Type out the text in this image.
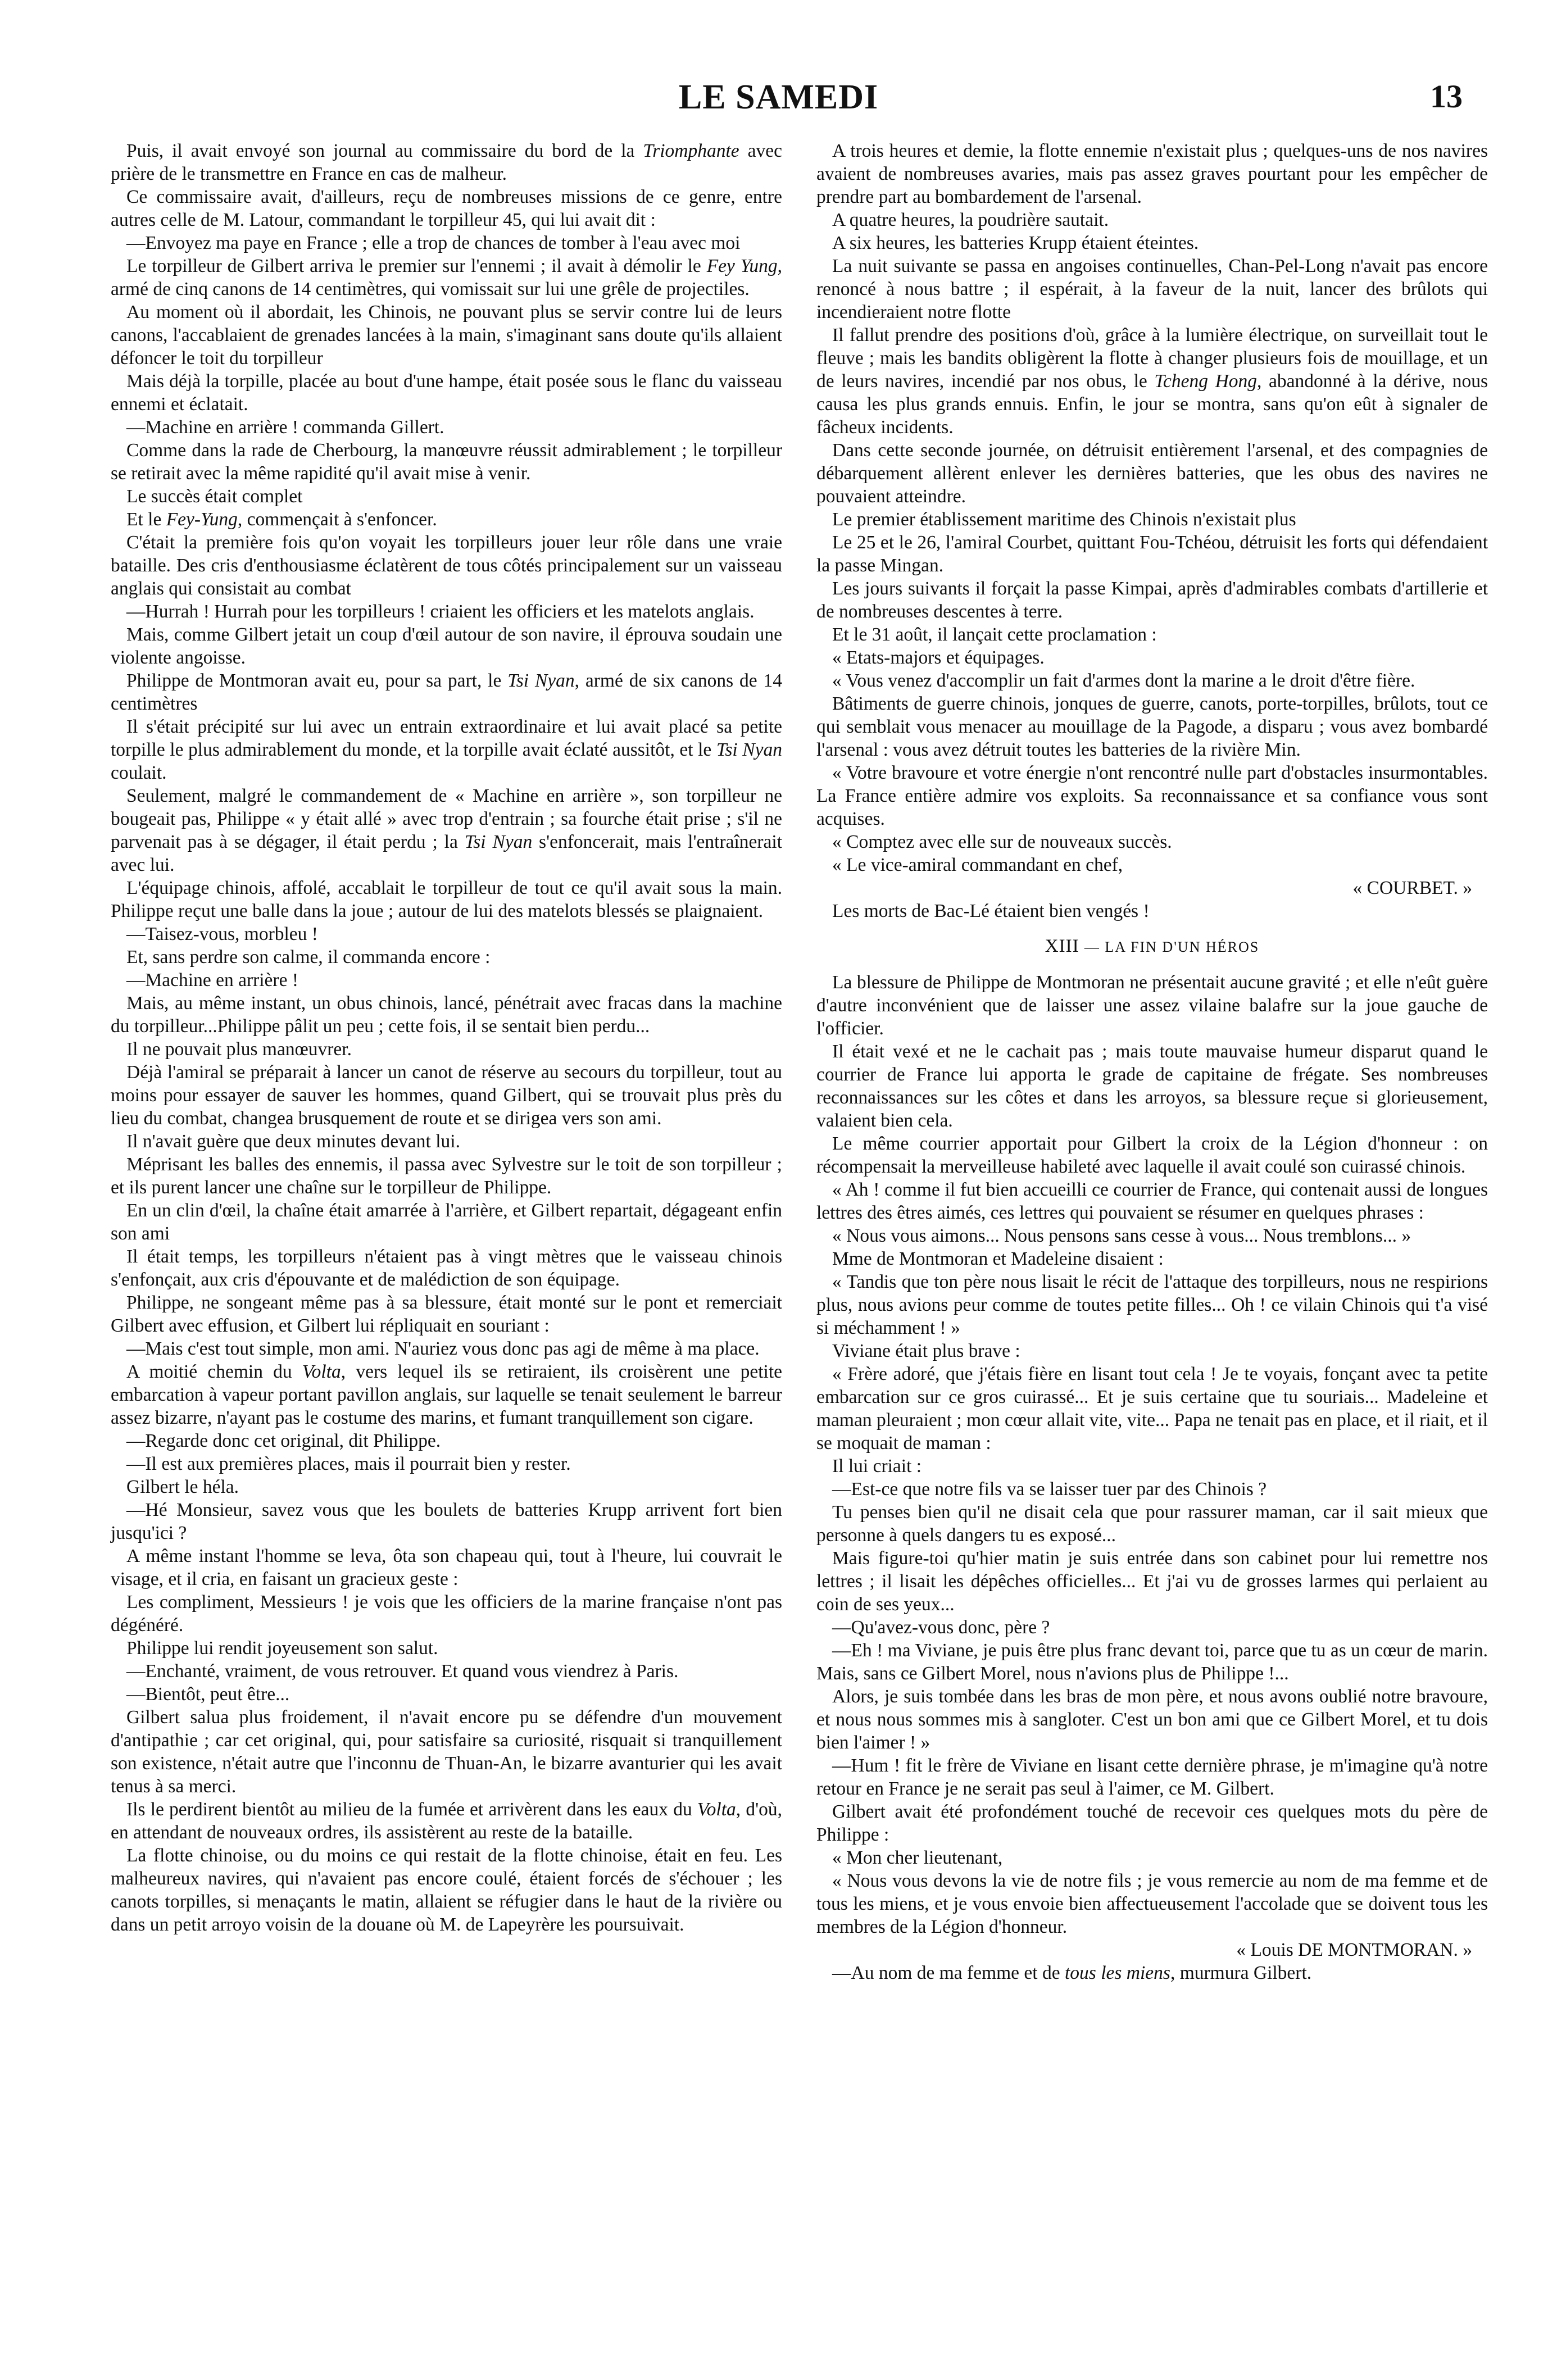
LE SAMEDI	13

Puis, il avait envoyé son journal au commissaire du bord de la Triomphante avec prière de le transmettre en France en cas de malheur.

Ce commissaire avait, d'ailleurs, reçu de nombreuses missions de ce genre, entre autres celle de M. Latour, commandant le torpilleur 45, qui lui avait dit :

—Envoyez ma paye en France ; elle a trop de chances de tomber à l'eau avec moi

Le torpilleur de Gilbert arriva le premier sur l'ennemi ; il avait à démolir le Fey Yung, armé de cinq canons de 14 centimètres, qui vomissait sur lui une grêle de projectiles.

Au moment où il abordait, les Chinois, ne pouvant plus se servir contre lui de leurs canons, l'accablaient de grenades lancées à la main, s'imaginant sans doute qu'ils allaient défoncer le toit du torpilleur

Mais déjà la torpille, placée au bout d'une hampe, était posée sous le flanc du vaisseau ennemi et éclatait.

—Machine en arrière ! commanda Gillert.

Comme dans la rade de Cherbourg, la manœuvre réussit admirablement ; le torpilleur se retirait avec la même rapidité qu'il avait mise à venir.

Le succès était complet

Et le Fey-Yung, commençait à s'enfoncer.

C'était la première fois qu'on voyait les torpilleurs jouer leur rôle dans une vraie bataille. Des cris d'enthousiasme éclatèrent de tous côtés principalement sur un vaisseau anglais qui consistait au combat

—Hurrah ! Hurrah pour les torpilleurs ! criaient les officiers et les matelots anglais.

Mais, comme Gilbert jetait un coup d'œil autour de son navire, il éprouva soudain une violente angoisse.

Philippe de Montmoran avait eu, pour sa part, le Tsi Nyan, armé de six canons de 14 centimètres

Il s'était précipité sur lui avec un entrain extraordinaire et lui avait placé sa petite torpille le plus admirablement du monde, et la torpille avait éclaté aussitôt, et le Tsi Nyan coulait.

Seulement, malgré le commandement de « Machine en arrière », son torpilleur ne bougeait pas, Philippe « y était allé » avec trop d'entrain ; sa fourche était prise ; s'il ne parvenait pas à se dégager, il était perdu ; la Tsi Nyan s'enfoncerait, mais l'entraînerait avec lui.

L'équipage chinois, affolé, accablait le torpilleur de tout ce qu'il avait sous la main. Philippe reçut une balle dans la joue ; autour de lui des matelots blessés se plaignaient.

—Taisez-vous, morbleu !

Et, sans perdre son calme, il commanda encore :

—Machine en arrière !

Mais, au même instant, un obus chinois, lancé, pénétrait avec fracas dans la machine du torpilleur...Philippe pâlit un peu ; cette fois, il se sentait bien perdu...

Il ne pouvait plus manœuvrer.

Déjà l'amiral se préparait à lancer un canot de réserve au secours du torpilleur, tout au moins pour essayer de sauver les hommes, quand Gilbert, qui se trouvait plus près du lieu du combat, changea brusquement de route et se dirigea vers son ami.

Il n'avait guère que deux minutes devant lui.

Méprisant les balles des ennemis, il passa avec Sylvestre sur le toit de son torpilleur ; et ils purent lancer une chaîne sur le torpilleur de Philippe.

En un clin d'œil, la chaîne était amarrée à l'arrière, et Gilbert repartait, dégageant enfin son ami

Il était temps, les torpilleurs n'étaient pas à vingt mètres que le vaisseau chinois s'enfonçait, aux cris d'épouvante et de malédiction de son équipage.

Philippe, ne songeant même pas à sa blessure, était monté sur le pont et remerciait Gilbert avec effusion, et Gilbert lui répliquait en souriant :

—Mais c'est tout simple, mon ami. N'auriez vous donc pas agi de même à ma place.

A moitié chemin du Volta, vers lequel ils se retiraient, ils croisèrent une petite embarcation à vapeur portant pavillon anglais, sur laquelle se tenait seulement le barreur assez bizarre, n'ayant pas le costume des marins, et fumant tranquillement son cigare.

—Regarde donc cet original, dit Philippe.

—Il est aux premières places, mais il pourrait bien y rester.

Gilbert le héla.

—Hé Monsieur, savez vous que les boulets de batteries Krupp arrivent fort bien jusqu'ici ?

A même instant l'homme se leva, ôta son chapeau qui, tout à l'heure, lui couvrait le visage, et il cria, en faisant un gracieux geste :

Les compliment, Messieurs ! je vois que les officiers de la marine française n'ont pas dégénéré.

Philippe lui rendit joyeusement son salut.

—Enchanté, vraiment, de vous retrouver. Et quand vous viendrez à Paris.

—Bientôt, peut être...

Gilbert salua plus froidement, il n'avait encore pu se défendre d'un mouvement d'antipathie ; car cet original, qui, pour satisfaire sa curiosité, risquait si tranquillement son existence, n'était autre que l'inconnu de Thuan-An, le bizarre avanturier qui les avait tenus à sa merci.

Ils le perdirent bientôt au milieu de la fumée et arrivèrent dans les eaux du Volta, d'où, en attendant de nouveaux ordres, ils assistèrent au reste de la bataille.

La flotte chinoise, ou du moins ce qui restait de la flotte chinoise, était en feu. Les malheureux navires, qui n'avaient pas encore coulé, étaient forcés de s'échouer ; les canots torpilles, si menaçants le matin, allaient se réfugier dans le haut de la rivière ou dans un petit arroyo voisin de la douane où M. de Lapeyrère les poursuivait.

A trois heures et demie, la flotte ennemie n'existait plus ; quelques-uns de nos navires avaient de nombreuses avaries, mais pas assez graves pourtant pour les empêcher de prendre part au bombardement de l'arsenal.

A quatre heures, la poudrière sautait.

A six heures, les batteries Krupp étaient éteintes.

La nuit suivante se passa en angoises continuelles, Chan-Pel-Long n'avait pas encore renoncé à nous battre ; il espérait, à la faveur de la nuit, lancer des brûlots qui incendieraient notre flotte

Il fallut prendre des positions d'où, grâce à la lumière électrique, on surveillait tout le fleuve ; mais les bandits obligèrent la flotte à changer plusieurs fois de mouillage, et un de leurs navires, incendié par nos obus, le Tcheng Hong, abandonné à la dérive, nous causa les plus grands ennuis. Enfin, le jour se montra, sans qu'on eût à signaler de fâcheux incidents.

Dans cette seconde journée, on détruisit entièrement l'arsenal, et des compagnies de débarquement allèrent enlever les dernières batteries, que les obus des navires ne pouvaient atteindre.

Le premier établissement maritime des Chinois n'existait plus

Le 25 et le 26, l'amiral Courbet, quittant Fou-Tchéou, détruisit les forts qui défendaient la passe Mingan.

Les jours suivants il forçait la passe Kimpai, après d'admirables combats d'artillerie et de nombreuses descentes à terre.

Et le 31 août, il lançait cette proclamation :

« Etats-majors et équipages.

« Vous venez d'accomplir un fait d'armes dont la marine a le droit d'être fière.

Bâtiments de guerre chinois, jonques de guerre, canots, porte-torpilles, brûlots, tout ce qui semblait vous menacer au mouillage de la Pagode, a disparu ; vous avez bombardé l'arsenal : vous avez détruit toutes les batteries de la rivière Min.

« Votre bravoure et votre énergie n'ont rencontré nulle part d'obstacles insurmontables. La France entière admire vos exploits. Sa reconnaissance et sa confiance vous sont acquises.

« Comptez avec elle sur de nouveaux succès.

« Le vice-amiral commandant en chef,

« COURBET. »

Les morts de Bac-Lé étaient bien vengés !

XIII — LA FIN D'UN HÉROS

La blessure de Philippe de Montmoran ne présentait aucune gravité ; et elle n'eût guère d'autre inconvénient que de laisser une assez vilaine balafre sur la joue gauche de l'officier.

Il était vexé et ne le cachait pas ; mais toute mauvaise humeur disparut quand le courrier de France lui apporta le grade de capitaine de frégate. Ses nombreuses reconnaissances sur les côtes et dans les arroyos, sa blessure reçue si glorieusement, valaient bien cela.

Le même courrier apportait pour Gilbert la croix de la Légion d'honneur : on récompensait la merveilleuse habileté avec laquelle il avait coulé son cuirassé chinois.

« Ah ! comme il fut bien accueilli ce courrier de France, qui contenait aussi de longues lettres des êtres aimés, ces lettres qui pouvaient se résumer en quelques phrases :

« Nous vous aimons... Nous pensons sans cesse à vous... Nous tremblons... »

Mme de Montmoran et Madeleine disaient :

« Tandis que ton père nous lisait le récit de l'attaque des torpilleurs, nous ne respirions plus, nous avions peur comme de toutes petite filles... Oh ! ce vilain Chinois qui t'a visé si méchamment ! »

Viviane était plus brave :

« Frère adoré, que j'étais fière en lisant tout cela ! Je te voyais, fonçant avec ta petite embarcation sur ce gros cuirassé... Et je suis certaine que tu souriais... Madeleine et maman pleuraient ; mon cœur allait vite, vite... Papa ne tenait pas en place, et il riait, et il se moquait de maman :

Il lui criait :

—Est-ce que notre fils va se laisser tuer par des Chinois ?

Tu penses bien qu'il ne disait cela que pour rassurer maman, car il sait mieux que personne à quels dangers tu es exposé...

Mais figure-toi qu'hier matin je suis entrée dans son cabinet pour lui remettre nos lettres ; il lisait les dépêches officielles... Et j'ai vu de grosses larmes qui perlaient au coin de ses yeux...

—Qu'avez-vous donc, père ?

—Eh ! ma Viviane, je puis être plus franc devant toi, parce que tu as un cœur de marin. Mais, sans ce Gilbert Morel, nous n'avions plus de Philippe !...

Alors, je suis tombée dans les bras de mon père, et nous avons oublié notre bravoure, et nous nous sommes mis à sangloter. C'est un bon ami que ce Gilbert Morel, et tu dois bien l'aimer ! »

—Hum ! fit le frère de Viviane en lisant cette dernière phrase, je m'imagine qu'à notre retour en France je ne serait pas seul à l'aimer, ce M. Gilbert.

Gilbert avait été profondément touché de recevoir ces quelques mots du père de Philippe :

« Mon cher lieutenant,

« Nous vous devons la vie de notre fils ; je vous remercie au nom de ma femme et de tous les miens, et je vous envoie bien affectueusement l'accolade que se doivent tous les membres de la Légion d'honneur.

« Louis DE MONTMORAN. »

—Au nom de ma femme et de tous les miens, murmura Gilbert.
